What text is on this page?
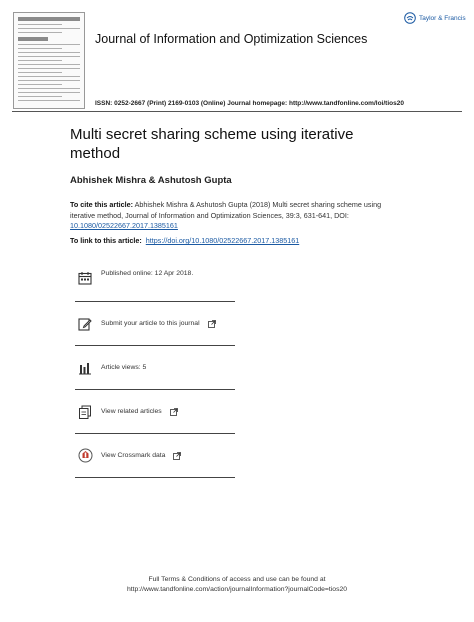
Journal of Information and Optimization Sciences
Taylor & Francis
ISSN: 0252-2667 (Print) 2169-0103 (Online) Journal homepage: http://www.tandfonline.com/loi/tios20
Multi secret sharing scheme using iterative method
Abhishek Mishra & Ashutosh Gupta
To cite this article: Abhishek Mishra & Ashutosh Gupta (2018) Multi secret sharing scheme using iterative method, Journal of Information and Optimization Sciences, 39:3, 631-641, DOI: 10.1080/02522667.2017.1385161
To link to this article: https://doi.org/10.1080/02522667.2017.1385161
Published online: 12 Apr 2018.
Submit your article to this journal
Article views: 5
View related articles
View Crossmark data
Full Terms & Conditions of access and use can be found at
http://www.tandfonline.com/action/journalInformation?journalCode=tios20
